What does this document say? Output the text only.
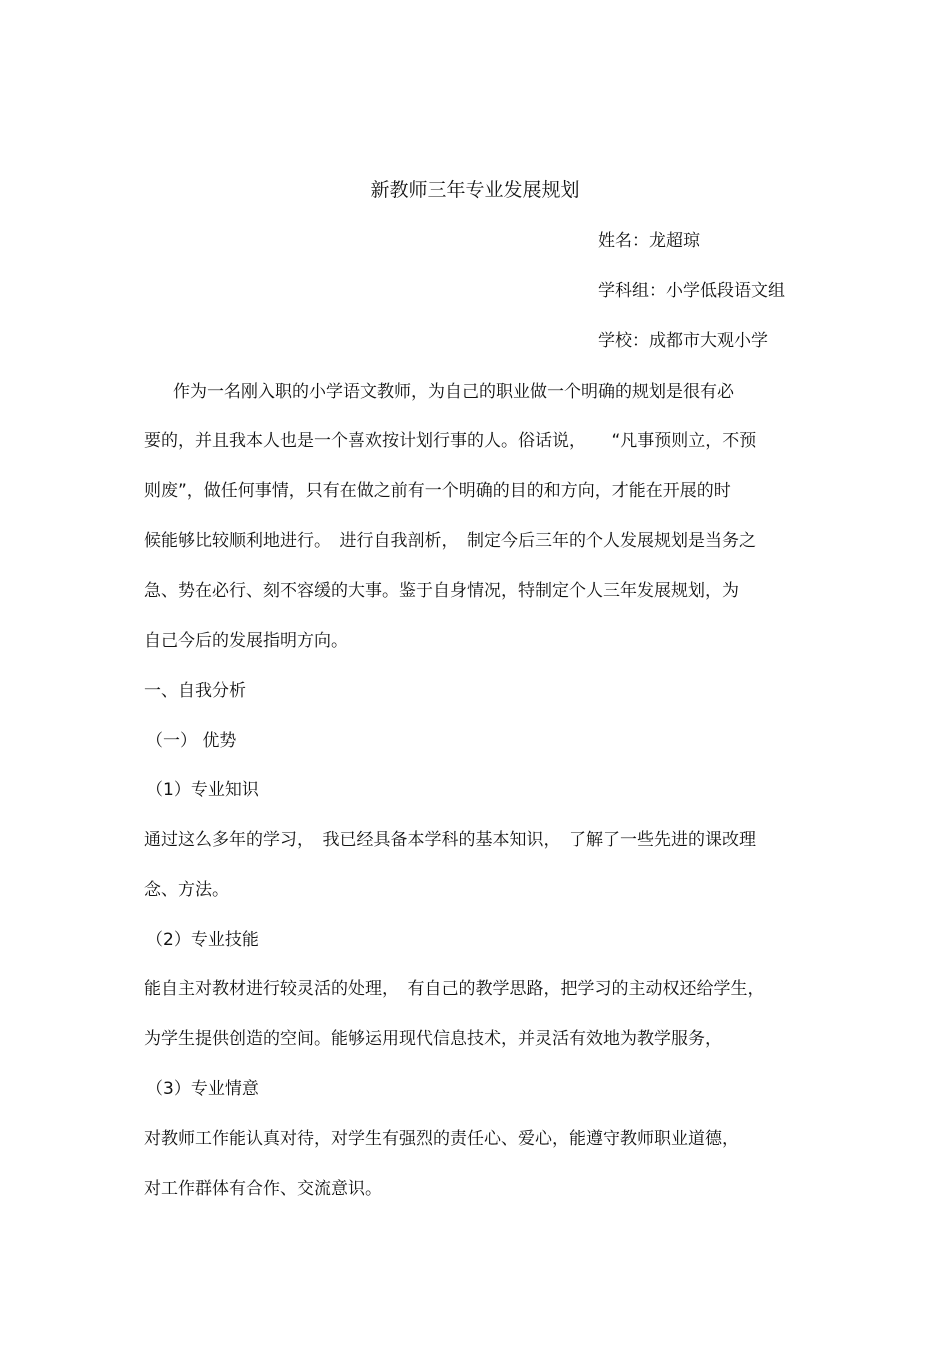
新教师三年专业发展规划
姓名：龙超琼
学科组：小学低段语文组
学校：成都市大观小学
作为一名刚入职的小学语文教师，为自己的职业做一个明确的规划是很有必
要的，并且我本人也是一个喜欢按计划行事的人。俗话说，　　“凡事预则立，不预
则废”，做任何事情，只有在做之前有一个明确的目的和方向，才能在开展的时
候能够比较顺利地进行。　进行自我剖析，　制定今后三年的个人发展规划是当务之
急、势在必行、刻不容缓的大事。鉴于自身情况，特制定个人三年发展规划，为
自己今后的发展指明方向。
一、自我分析
（一） 优势
（1）专业知识
通过这么多年的学习，　我已经具备本学科的基本知识，　了解了一些先进的课改理
念、方法。
（2）专业技能
能自主对教材进行较灵活的处理，　有自己的教学思路，把学习的主动权还给学生，
为学生提供创造的空间。能够运用现代信息技术，并灵活有效地为教学服务，
（3）专业情意
对教师工作能认真对待，对学生有强烈的责任心、爱心，能遵守教师职业道德，
对工作群体有合作、交流意识。
